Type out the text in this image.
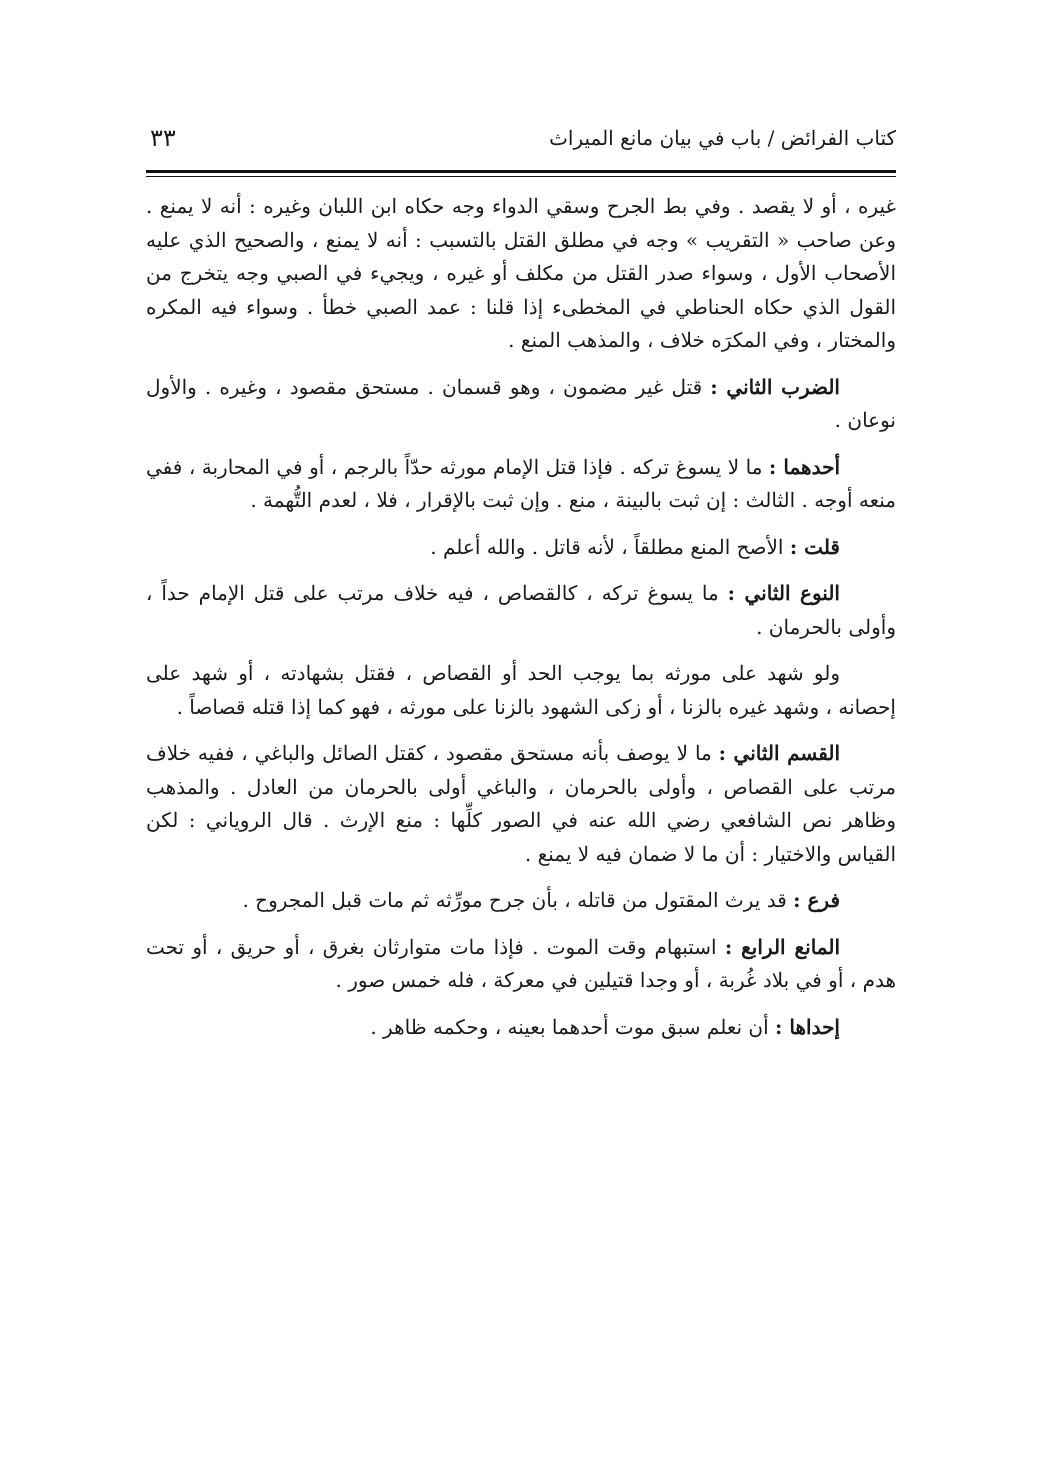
كتاب الفرائض / باب في بيان مانع الميراث
٣٣

غيره ، أو لا يقصد . وفي بط الجرح وسقي الدواء وجه حكاه ابن اللبان وغيره : أنه لا يمنع . وعن صاحب « التقريب » وجه في مطلق القتل بالتسبب : أنه لا يمنع ، والصحيح الذي عليه الأصحاب الأول ، وسواء صدر القتل من مكلف أو غيره ، ويجيء في الصبي وجه يتخرج من القول الذي حكاه الحناطي في المخطىء إذا قلنا : عمد الصبي خطأ . وسواء فيه المكره والمختار ، وفي المكرَه خلاف ، والمذهب المنع .

الضرب الثاني : قتل غير مضمون ، وهو قسمان . مستحق مقصود ، وغيره . والأول نوعان .

أحدهما : ما لا يسوغ تركه . فإذا قتل الإمام مورثه حدّاً بالرجم ، أو في المحاربة ، ففي منعه أوجه . الثالث : إن ثبت بالبينة ، منع . وإن ثبت بالإقرار ، فلا ، لعدم التُّهمة .

قلت : الأصح المنع مطلقاً ، لأنه قاتل . والله أعلم .

النوع الثاني : ما يسوغ تركه ، كالقصاص ، فيه خلاف مرتب على قتل الإمام حداً ، وأولى بالحرمان .

ولو شهد على مورثه بما يوجب الحد أو القصاص ، فقتل بشهادته ، أو شهد على إحصانه ، وشهد غيره بالزنا ، أو زكى الشهود بالزنا على مورثه ، فهو كما إذا قتله قصاصاً .

القسم الثاني : ما لا يوصف بأنه مستحق مقصود ، كقتل الصائل والباغي ، ففيه خلاف مرتب على القصاص ، وأولى بالحرمان ، والباغي أولى بالحرمان من العادل . والمذهب وظاهر نص الشافعي رضي الله عنه في الصور كلِّها : منع الإرث . قال الروياني : لكن القياس والاختيار : أن ما لا ضمان فيه لا يمنع .

فرع : قد يرث المقتول من قاتله ، بأن جرح مورِّثه ثم مات قبل المجروح .

المانع الرابع : استبهام وقت الموت . فإذا مات متوارثان بغرق ، أو حريق ، أو تحت هدم ، أو في بلاد غُربة ، أو وجدا قتيلين في معركة ، فله خمس صور .

إحداها : أن نعلم سبق موت أحدهما بعينه ، وحكمه ظاهر .
